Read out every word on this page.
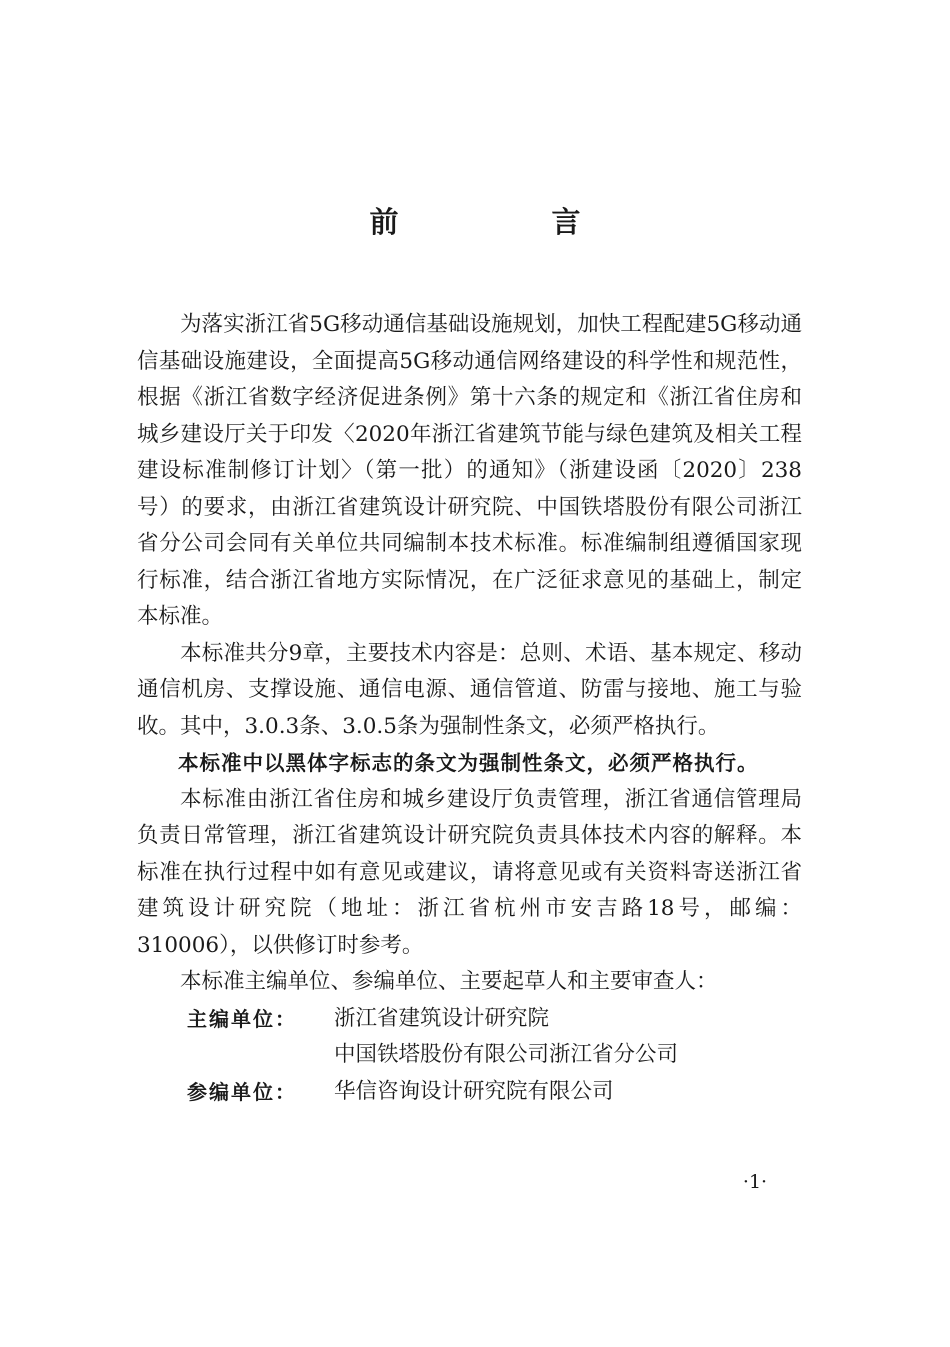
前　言

为落实浙江省5G移动通信基础设施规划，加快工程配建5G移动通信基础设施建设，全面提高5G移动通信网络建设的科学性和规范性，根据《浙江省数字经济促进条例》第十六条的规定和《浙江省住房和城乡建设厅关于印发〈2020年浙江省建筑节能与绿色建筑及相关工程建设标准制修订计划〉（第一批）的通知》（浙建设函〔2020〕238号）的要求，由浙江省建筑设计研究院、中国铁塔股份有限公司浙江省分公司会同有关单位共同编制本技术标准。标准编制组遵循国家现行标准，结合浙江省地方实际情况，在广泛征求意见的基础上，制定本标准。

本标准共分9章，主要技术内容是：总则、术语、基本规定、移动通信机房、支撑设施、通信电源、通信管道、防雷与接地、施工与验收。其中，3.0.3条、3.0.5条为强制性条文，必须严格执行。

本标准中以黑体字标志的条文为强制性条文，必须严格执行。

本标准由浙江省住房和城乡建设厅负责管理，浙江省通信管理局负责日常管理，浙江省建筑设计研究院负责具体技术内容的解释。本标准在执行过程中如有意见或建议，请将意见或有关资料寄送浙江省建筑设计研究院（地址：浙江省杭州市安吉路18号，邮编：310006），以供修订时参考。

本标准主编单位、参编单位、主要起草人和主要审查人：

主编单位：	浙江省建筑设计研究院
中国铁塔股份有限公司浙江省分公司
参编单位：	华信咨询设计研究院有限公司
·1·
